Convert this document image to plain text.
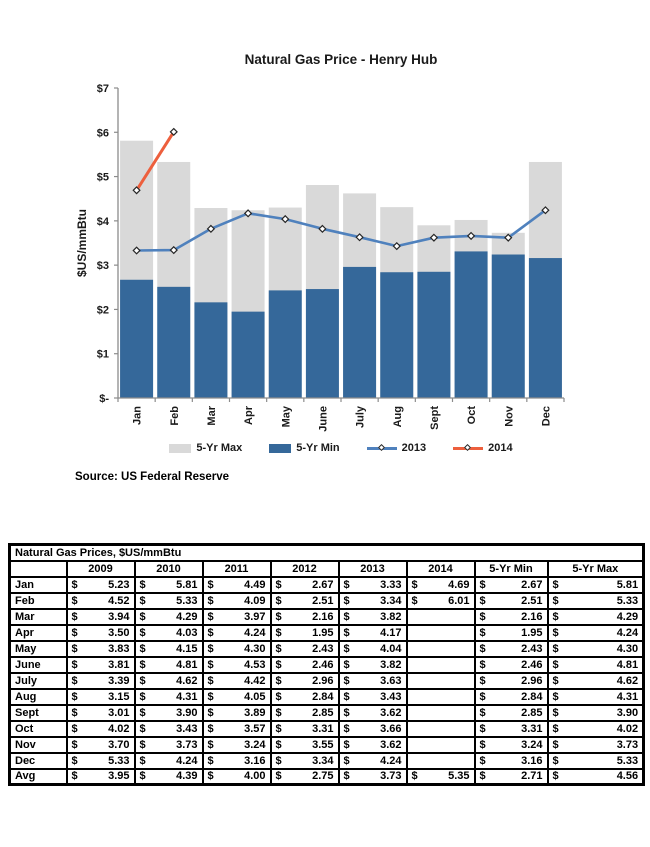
Natural Gas Price - Henry Hub
$-
$1
$2
$3
$4
$5
$6
$7
Jan Feb Mar Apr May June July Aug Sept Oct Nov Dec
$US/mmBtu
5-Yr Max	5-Yr Min	2013	2014
Source: US Federal Reserve
Natural Gas Prices, $US/mmBtu								
	2009	2010	2011	2012	2013	2014	5-Yr Min	5-Yr Max
Jan	$ 5.23	$ 5.81	$ 4.49	$ 2.67	$ 3.33	$ 4.69	$ 2.67	$ 5.81

Feb	$ 4.52	$ 5.33	$ 4.09	$ 2.51	$ 3.34	$ 6.01	$ 2.51	$ 5.33

Mar	$ 3.94	$ 4.29	$ 3.97	$ 2.16	$ 3.82		$ 2.16	$ 4.29

Apr	$ 3.50	$ 4.03	$ 4.24	$ 1.95	$ 4.17		$ 1.95	$ 4.24

May	$ 3.83	$ 4.15	$ 4.30	$ 2.43	$ 4.04		$ 2.43	$ 4.30

June	$ 3.81	$ 4.81	$ 4.53	$ 2.46	$ 3.82		$ 2.46	$ 4.81

July	$ 3.39	$ 4.62	$ 4.42	$ 2.96	$ 3.63		$ 2.96	$ 4.62

Aug	$ 3.15	$ 4.31	$ 4.05	$ 2.84	$ 3.43		$ 2.84	$ 4.31

Sept	$ 3.01	$ 3.90	$ 3.89	$ 2.85	$ 3.62		$ 2.85	$ 3.90

Oct	$ 4.02	$ 3.43	$ 3.57	$ 3.31	$ 3.66		$ 3.31	$ 4.02

Nov	$ 3.70	$ 3.73	$ 3.24	$ 3.55	$ 3.62		$ 3.24	$ 3.73

Dec	$ 5.33	$ 4.24	$ 3.16	$ 3.34	$ 4.24		$ 3.16	$ 5.33

Avg	$ 3.95	$ 4.39	$ 4.00	$ 2.75	$ 3.73	$ 5.35	$ 2.71	$ 4.56
